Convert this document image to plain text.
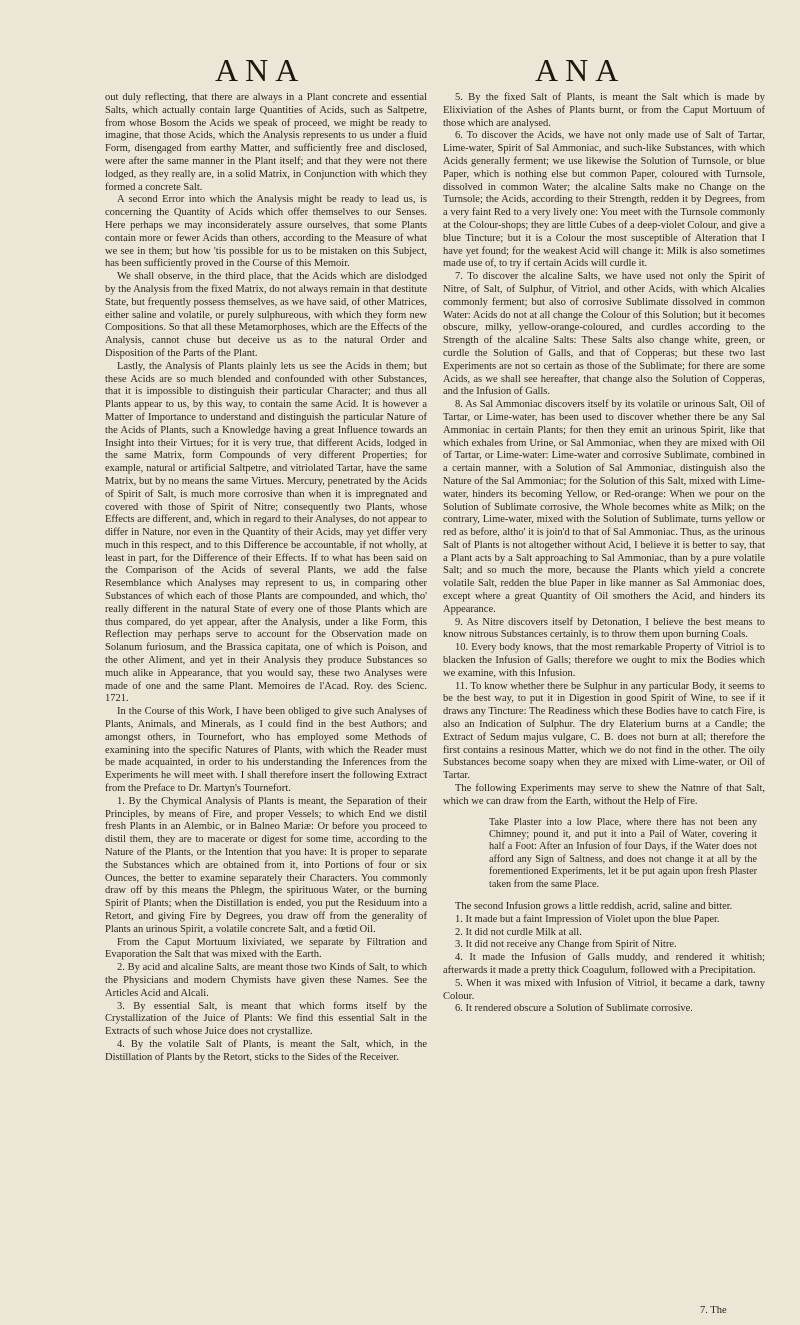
ANA	ANA

out duly reflecting, that there are always in a Plant concrete and essential Salts, which actually contain large Quantities of Acids, such as Saltpetre, from whose Bosom the Acids we speak of proceed, we might be ready to imagine, that those Acids, which the Analysis represents to us under a fluid Form, disengaged from earthy Matter, and sufficiently free and disclosed, were after the same manner in the Plant itself; and that they were not there lodged, as they really are, in a solid Matrix, in Conjunction with which they formed a concrete Salt.

A second Error into which the Analysis might be ready to lead us, is concerning the Quantity of Acids which offer themselves to our Senses. Here perhaps we may inconsiderately assure ourselves, that some Plants contain more or fewer Acids than others, according to the Measure of what we see in them; but how 'tis possible for us to be mistaken on this Subject, has been sufficiently proved in the Course of this Memoir.

We shall observe, in the third place, that the Acids which are dislodged by the Analysis from the fixed Matrix, do not always remain in that destitute State, but frequently possess themselves, as we have said, of other Matrices, either saline and volatile, or purely sulphureous, with which they form new Compositions. So that all these Metamorphoses, which are the Effects of the Analysis, cannot chuse but deceive us as to the natural Order and Disposition of the Parts of the Plant.

Lastly, the Analysis of Plants plainly lets us see the Acids in them; but these Acids are so much blended and confounded with other Substances, that it is impossible to distinguish their particular Character; and thus all Plants appear to us, by this way, to contain the same Acid. It is however a Matter of Importance to understand and distinguish the particular Nature of the Acids of Plants, such a Knowledge having a great Influence towards an Insight into their Virtues; for it is very true, that different Acids, lodged in the same Matrix, form Compounds of very different Properties; for example, natural or artificial Saltpetre, and vitriolated Tartar, have the same Matrix, but by no means the same Virtues. Mercury, penetrated by the Acids of Spirit of Salt, is much more corrosive than when it is impregnated and covered with those of Spirit of Nitre; consequently two Plants, whose Effects are different, and, which in regard to their Analyses, do not appear to differ in Nature, nor even in the Quantity of their Acids, may yet differ very much in this respect, and to this Difference be accountable, if not wholly, at least in part, for the Difference of their Effects. If to what has been said on the Comparison of the Acids of several Plants, we add the false Resemblance which Analyses may represent to us, in comparing other Substances of which each of those Plants are compounded, and which, tho' really different in the natural State of every one of those Plants which are thus compared, do yet appear, after the Analysis, under a like Form, this Reflection may perhaps serve to account for the Observation made on Solanum furiosum, and the Brassica capitata, one of which is Poison, and the other Aliment, and yet in their Analysis they produce Substances so much alike in Appearance, that you would say, these two Analyses were made of one and the same Plant. Memoires de l'Acad. Roy. des Scienc. 1721.

In the Course of this Work, I have been obliged to give such Analyses of Plants, Animals, and Minerals, as I could find in the best Authors; and amongst others, in Tournefort, who has employed some Methods of examining into the specific Natures of Plants, with which the Reader must be made acquainted, in order to his understanding the Inferences from the Experiments he will meet with. I shall therefore insert the following Extract from the Preface to Dr. Martyn's Tournefort.

1. By the Chymical Analysis of Plants is meant, the Separation of their Principles, by means of Fire, and proper Vessels; to which End we distil fresh Plants in an Alembic, or in Balneo Mariæ: Or before you proceed to distil them, they are to macerate or digest for some time, according to the Nature of the Plants, or the Intention that you have: It is proper to separate the Substances which are obtained from it, into Portions of four or six Ounces, the better to examine separately their Characters. You commonly draw off by this means the Phlegm, the spirituous Water, or the burning Spirit of Plants; when the Distillation is ended, you put the Residuum into a Retort, and giving Fire by Degrees, you draw off from the generality of Plants an urinous Spirit, a volatile concrete Salt, and a fœtid Oil.

From the Caput Mortuum lixiviated, we separate by Filtration and Evaporation the Salt that was mixed with the Earth.

2. By acid and alcaline Salts, are meant those two Kinds of Salt, to which the Physicians and modern Chymists have given these Names. See the Articles Acid and Alcali.

3. By essential Salt, is meant that which forms itself by the Crystallization of the Juice of Plants: We find this essential Salt in the Extracts of such whose Juice does not crystallize.

4. By the volatile Salt of Plants, is meant the Salt, which, in the Distillation of Plants by the Retort, sticks to the Sides of the Receiver.

5. By the fixed Salt of Plants, is meant the Salt which is made by Elixiviation of the Ashes of Plants burnt, or from the Caput Mortuum of those which are analysed.

6. To discover the Acids, we have not only made use of Salt of Tartar, Lime-water, Spirit of Sal Ammoniac, and such-like Substances, with which Acids generally ferment; we use likewise the Solution of Turnsole, or blue Paper, which is nothing else but common Paper, coloured with Turnsole, dissolved in common Water; the alcaline Salts make no Change on the Turnsole; the Acids, according to their Strength, redden it by Degrees, from a very faint Red to a very lively one: You meet with the Turnsole commonly at the Colour-shops; they are little Cubes of a deep-violet Colour, and give a blue Tincture; but it is a Colour the most susceptible of Alteration that I have yet found; for the weakest Acid will change it: Milk is also sometimes made use of, to try if certain Acids will curdle it.

7. To discover the alcaline Salts, we have used not only the Spirit of Nitre, of Salt, of Sulphur, of Vitriol, and other Acids, with which Alcalies commonly ferment; but also of corrosive Sublimate dissolved in common Water: Acids do not at all change the Colour of this Solution; but it becomes obscure, milky, yellow-orange-coloured, and curdles according to the Strength of the alcaline Salts: These Salts also change white, green, or curdle the Solution of Galls, and that of Copperas; but these two last Experiments are not so certain as those of the Sublimate; for there are some Acids, as we shall see hereafter, that change also the Solution of Copperas, and the Infusion of Galls.

8. As Sal Ammoniac discovers itself by its volatile or urinous Salt, Oil of Tartar, or Lime-water, has been used to discover whether there be any Sal Ammoniac in certain Plants; for then they emit an urinous Spirit, like that which exhales from Urine, or Sal Ammoniac, when they are mixed with Oil of Tartar, or Lime-water: Lime-water and corrosive Sublimate, combined in a certain manner, with a Solution of Sal Ammoniac, distinguish also the Nature of the Sal Ammoniac; for the Solution of this Salt, mixed with Lime-water, hinders its becoming Yellow, or Red-orange: When we pour on the Solution of Sublimate corrosive, the Whole becomes white as Milk; on the contrary, Lime-water, mixed with the Solution of Sublimate, turns yellow or red as before, altho' it is join'd to that of Sal Ammoniac. Thus, as the urinous Salt of Plants is not altogether without Acid, I believe it is better to say, that a Plant acts by a Salt approaching to Sal Ammoniac, than by a pure volatile Salt; and so much the more, because the Plants which yield a concrete volatile Salt, redden the blue Paper in like manner as Sal Ammoniac does, except where a great Quantity of Oil smothers the Acid, and hinders its Appearance.

9. As Nitre discovers itself by Detonation, I believe the best means to know nitrous Substances certainly, is to throw them upon burning Coals.

10. Every body knows, that the most remarkable Property of Vitriol is to blacken the Infusion of Galls; therefore we ought to mix the Bodies which we examine, with this Infusion.

11. To know whether there be Sulphur in any particular Body, it seems to be the best way, to put it in Digestion in good Spirit of Wine, to see if it draws any Tincture: The Readiness which these Bodies have to catch Fire, is also an Indication of Sulphur. The dry Elaterium burns at a Candle; the Extract of Sedum majus vulgare, C. B. does not burn at all; therefore the first contains a resinous Matter, which we do not find in the other. The oily Substances become soapy when they are mixed with Lime-water, or Oil of Tartar.

The following Experiments may serve to shew the Natnre of that Salt, which we can draw from the Earth, without the Help of Fire.

Take Plaster into a low Place, where there has not been any Chimney; pound it, and put it into a Pail of Water, covering it half a Foot: After an Infusion of four Days, if the Water does not afford any Sign of Saltness, and does not change it at all by the forementioned Experiments, let it be put again upon fresh Plaster taken from the same Place.

The second Infusion grows a little reddish, acrid, saline and bitter.

1. It made but a faint Impression of Violet upon the blue Paper.

2. It did not curdle Milk at all.

3. It did not receive any Change from Spirit of Nitre.

4. It made the Infusion of Galls muddy, and rendered it whitish; afterwards it made a pretty thick Coagulum, followed with a Precipitation.

5. When it was mixed with Infusion of Vitriol, it became a dark, tawny Colour.

6. It rendered obscure a Solution of Sublimate corrosive.

7. The
